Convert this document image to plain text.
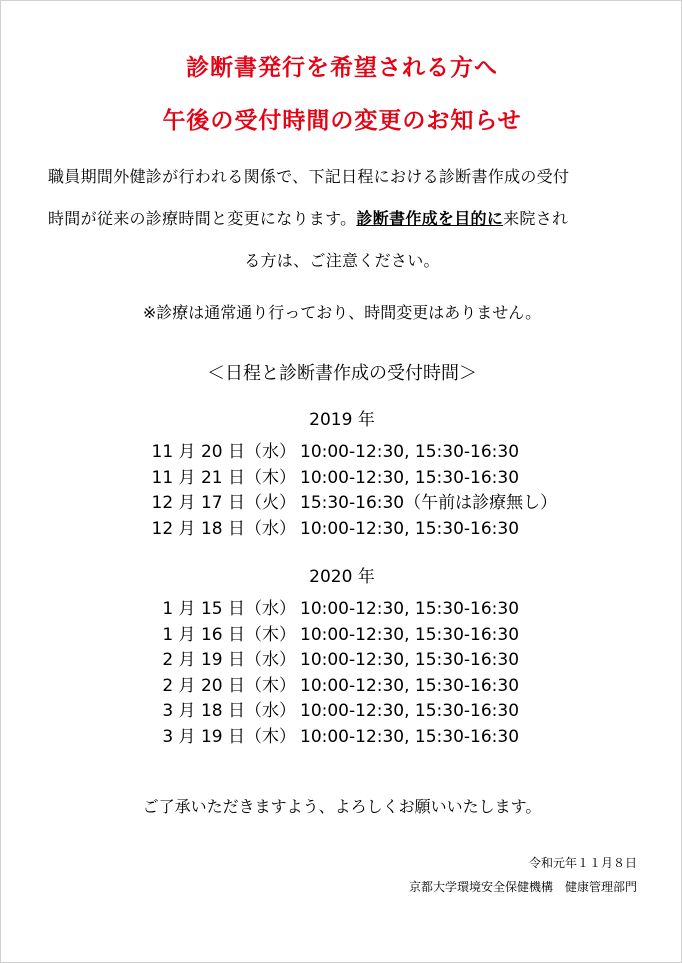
診断書発行を希望される方へ
午後の受付時間の変更のお知らせ
職員期間外健診が行われる関係で、下記日程における診断書作成の受付
時間が従来の診療時間と変更になります。診断書作成を目的に来院され
る方は、ご注意ください。
※診療は通常通り行っており、時間変更はありません。
＜日程と診断書作成の受付時間＞
2019 年
11 月 20 日（水） 10:00-12:30, 15:30-16:30
11 月 21 日（木） 10:00-12:30, 15:30-16:30
12 月 17 日（火） 15:30-16:30（午前は診療無し）
12 月 18 日（水） 10:00-12:30, 15:30-16:30
2020 年
1 月 15 日（水） 10:00-12:30, 15:30-16:30
1 月 16 日（木） 10:00-12:30, 15:30-16:30
2 月 19 日（水） 10:00-12:30, 15:30-16:30
2 月 20 日（木） 10:00-12:30, 15:30-16:30
3 月 18 日（水） 10:00-12:30, 15:30-16:30
3 月 19 日（木） 10:00-12:30, 15:30-16:30
ご了承いただきますよう、よろしくお願いいたします。
令和元年１１月８日
京都大学環境安全保健機構　健康管理部門
